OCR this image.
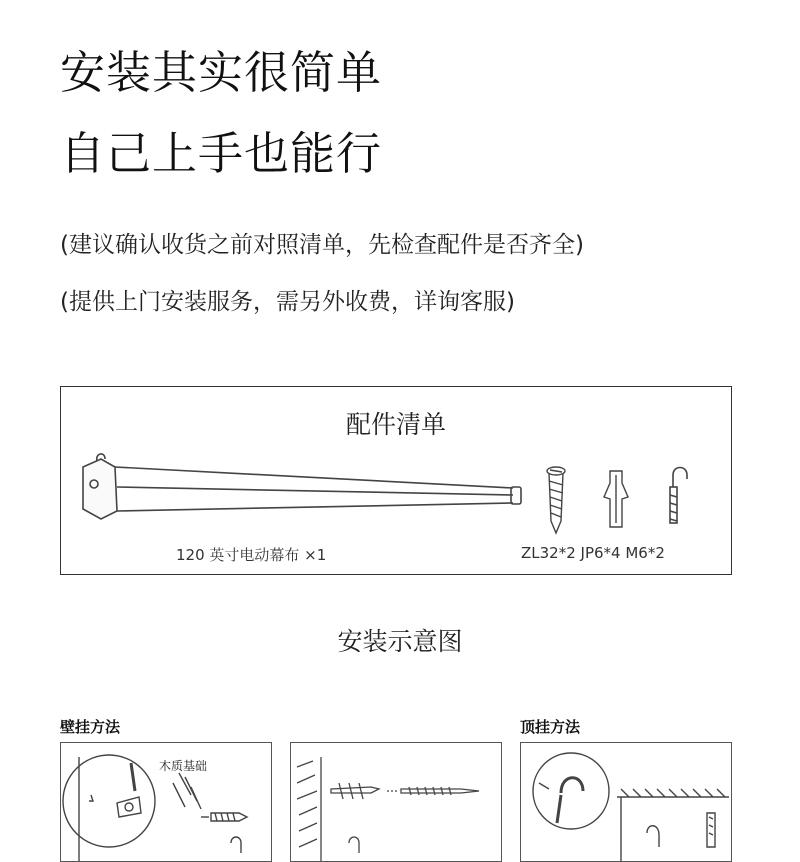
安装其实很简单
自己上手也能行
(建议确认收货之前对照清单，先检查配件是否齐全)
(提供上门安装服务，需另外收费，详询客服)
配件清单
120 英寸电动幕布 ×1	ZL32*2 JP6*4 M6*2
安装示意图
壁挂方法	顶挂方法
木质基础
